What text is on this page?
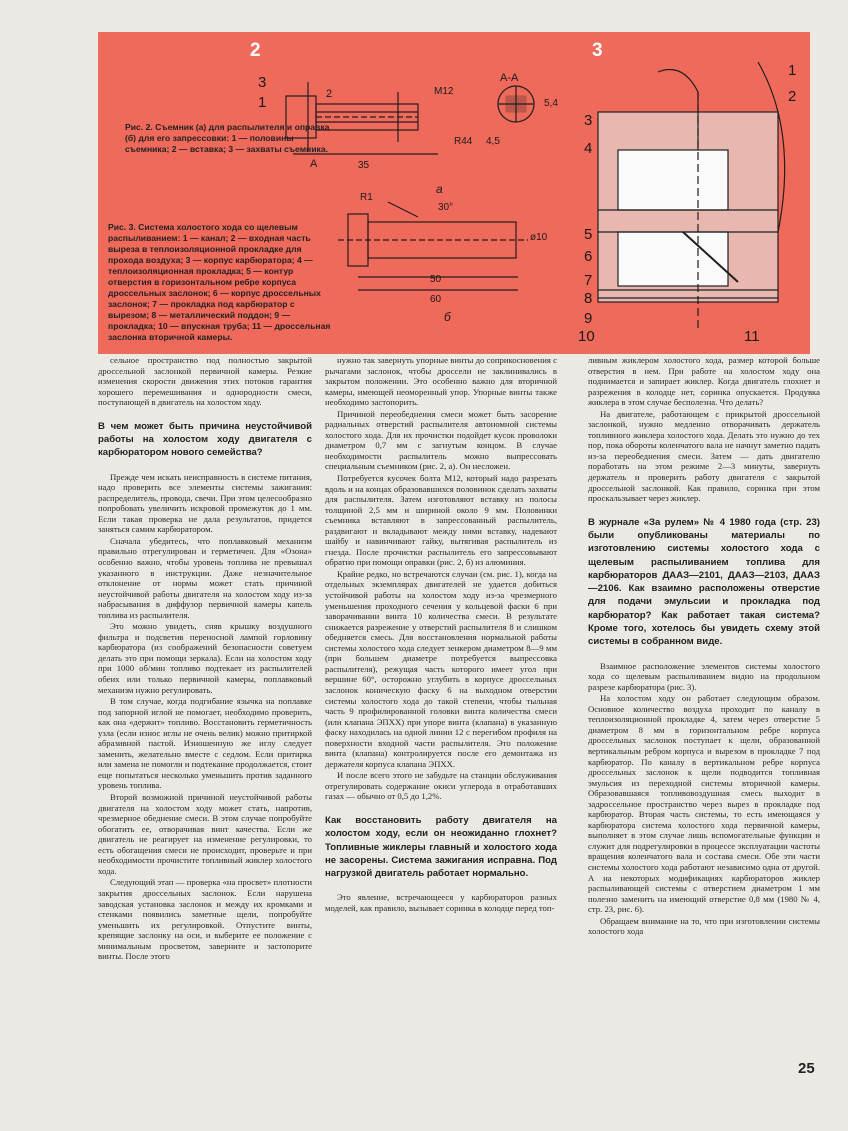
2	3
Рис. 2. Съемник (а) для распылителя и оправка (б) для его запрессовки: 1 — половины съемника; 2 — вставка; 3 — захваты съемника.
Рис. 3. Система холостого хода со щелевым распыливанием: 1 — канал; 2 — входная часть выреза в теплоизоляционной прокладке для прохода воздуха; 3 — корпус карбюратора; 4 — теплоизоляционная прокладка; 5 — контур отверстия в горизонтальном ребре корпуса дроссельных заслонок; 6 — корпус дроссельных заслонок; 7 — прокладка под карбюратор с вырезом; 8 — металлический поддон; 9 — прокладка; 10 — впускная труба; 11 — дроссельная заслонка вторичной камеры.
3
1	2
А
А-А
M12
35
R44 4,5
5,4
а
R1
30°
ø10
60
50
б
1
2
3
4
5
6
7
8
9
10	11

сельное пространство под полностью закрытой дроссельной заслонкой первичной камеры. Резкие изменения скорости движения этих потоков гарантия хорошего перемешивания и однородности смеси, поступающей в двигатель на холостом ходу.

В чем может быть причина неустойчивой работы на холостом ходу двигателя с карбюратором нового семейства?

Прежде чем искать неисправность в системе питания, надо проверить все элементы системы зажигания: распределитель, провода, свечи. При этом целесообразно попробовать увеличить искровой промежуток до 1 мм. Если такая проверка не дала результатов, придется заняться самим карбюратором.

Сначала убедитесь, что поплавковый механизм правильно отрегулирован и герметичен. Для «Озона» особенно важно, чтобы уровень топлива не превышал указанного в инструкции. Даже незначительное отклонение от нормы может стать причиной неустойчивой работы двигателя на холостом ходу из-за набрасывания в диффузор первичной камеры капель топлива из распылителя.

Это можно увидеть, сняв крышку воздушного фильтра и подсветив переносной лампой горловину карбюратора (из соображений безопасности советуем делать это при помощи зеркала). Если на холостом ходу при 1000 об/мин топливо подтекает из распылителей обеих или только первичной камеры, поплавковый механизм нужно регулировать.

В том случае, когда подгибание язычка на поплавке под запорной иглой не помогает, необходимо проверить, как она «держит» топливо. Восстановить герметичность узла (если износ иглы не очень велик) можно притиркой абразивной пастой. Изношенную же иглу следует заменить, желательно вместе с седлом. Если притирка или замена не помогли и подтекание продолжается, стоит еще попытаться несколько уменьшить против заданного уровень топлива.

Второй возможной причиной неустойчивой работы двигателя на холостом ходу может стать, напротив, чрезмерное обеднение смеси. В этом случае попробуйте обогатить ее, отворачивая винт качества. Если же двигатель не реагирует на изменение регулировки, то есть обогащения смеси не происходит, проверьте и при необходимости прочистите топливный жиклер холостого хода.

Следующий этап — проверка «на просвет» плотности закрытия дроссельных заслонок. Если нарушена заводская установка заслонок и между их кромками и стенками появились заметные щели, попробуйте уменьшить их регулировкой. Отпустите винты, крепящие заслонку на оси, и выберите ее положение с минимальным просветом, заверните и застопорите винты. После этого

нужно так завернуть упорные винты до соприкосновения с рычагами заслонок, чтобы дроссели не заклинивались в закрытом положении. Это особенно важно для вторичной камеры, имеющей неоморенный упор. Упорные винты также необходимо застопорить.

Причиной переобеднения смеси может быть засорение радиальных отверстий распылителя автономной системы холостого хода. Для их прочистки подойдет кусок проволоки диаметром 0,7 мм с загнутым концом. В случае необходимости распылитель можно выпрессовать специальным съемником (рис. 2, а). Он несложен.

Потребуется кусочек болта М12, который надо разрезать вдоль и на концах образовавшихся половинок сделать захваты для распылителя. Затем изготовляют вставку из полосы толщиной 2,5 мм и шириной около 9 мм. Половинки съемника вставляют в запрессованный распылитель, раздвигают и вкладывают между ними вставку, надевают шайбу и навинчивают гайку, вытягивая распылитель из гнезда. После прочистки распылитель его запрессовывают обратно при помощи оправки (рис. 2, б) из алюминия.

Крайне редко, но встречаются случаи (см. рис. 1), когда на отдельных экземплярах двигателей не удается добиться устойчивой работы на холостом ходу из-за чрезмерного уменьшения проходного сечения у кольцевой фаски 6 при заворачивании винта 10 количества смеси. В результате снижается разрежение у отверстий распылителя 8 и слишком обедняется смесь. Для восстановления нормальной работы системы холостого хода следует зенкером диаметром 8—9 мм (при большем диаметре потребуется выпрессовка распылителя), режущая часть которого имеет угол при вершине 60°, осторожно углубить в корпусе дроссельных заслонок коническую фаску 6 на выходном отверстии системы холостого хода до такой степени, чтобы тыльная часть 9 профилированной головки винта количества смеси (или клапана ЭПХХ) при упоре винта (клапана) в указанную фаску находилась на одной линии 12 с перегибом профиля на поверхности входной части распылителя. Это положение винта (клапана) контролируется после его демонтажа из держателя корпуса клапана ЭПХХ.

И после всего этого не забудьте на станции обслуживания отрегулировать содержание окиси углерода в отработавших газах — обычно от 0,5 до 1,2%.

Как восстановить работу двигателя на холостом ходу, если он неожиданно глохнет? Топливные жиклеры главный и холостого хода не засорены. Система зажигания исправна. Под нагрузкой двигатель работает нормально.

Это явление, встречающееся у карбюраторов разных моделей, как правило, вызывает соринка в колодце перед топ-

ливным жиклером холостого хода, размер которой больше отверстия в нем. При работе на холостом ходу она поднимается и запирает жиклер. Когда двигатель глохнет и разрежения в колодце нет, соринка опускается. Продувка жиклера в этом случае бесполезна. Что делать?

На двигателе, работающем с прикрытой дроссельной заслонкой, нужно медленно отворачивать держатель топливного жиклера холостого хода. Делать это нужно до тех пор, пока обороты коленчатого вала не начнут заметно падать из-за переобеднения смеси. Затем — дать двигателю поработать на этом режиме 2—3 минуты, завернуть держатель и проверить работу двигателя с закрытой дроссельной заслонкой. Как правило, соринка при этом проскальзывает через жиклер.

В журнале «За рулем» № 4 1980 года (стр. 23) были опубликованы материалы по изготовлению системы холостого хода с щелевым распыливанием топлива для карбюраторов ДААЗ—2101, ДААЗ—2103, ДААЗ—2106. Как взаимно расположены отверстие для подачи эмульсии и прокладка под карбюратор? Как работает такая система? Кроме того, хотелось бы увидеть схему этой системы в собранном виде.

Взаимное расположение элементов системы холостого хода со щелевым распыливанием видно на продольном разрезе карбюратора (рис. 3).

На холостом ходу он работает следующим образом. Основное количество воздуха проходит по каналу в теплоизоляционной прокладке 4, затем через отверстие 5 диаметром 8 мм в горизонтальном ребре корпуса дроссельных заслонок поступает к щели, образованной вертикальным ребром корпуса и вырезом в прокладке 7 под карбюратор. По каналу в вертикальном ребре корпуса дроссельных заслонок к щели подводится топливная эмульсия из переходной системы вторичной камеры. Образовавшаяся топливовоздушная смесь выходит в задроссельное пространство через вырез в прокладке под карбюратор. Вторая часть системы, то есть имеющаяся у карбюратора система холостого хода первичной камеры, выполняет в этом случае лишь вспомогательные функции и служит для подрегулировки в процессе эксплуатации частоты вращения коленчатого вала и состава смеси. Обе эти части системы холостого хода работают независимо одна от другой. А на некоторых модификациях карбюраторов жиклер распыливающей системы с отверстием диаметром 1 мм полезно заменить на имеющий отверстие 0,8 мм (1980 № 4, стр. 23, рис. 6).

Обращаем внимание на то, что при изготовлении системы холостого хода

25
